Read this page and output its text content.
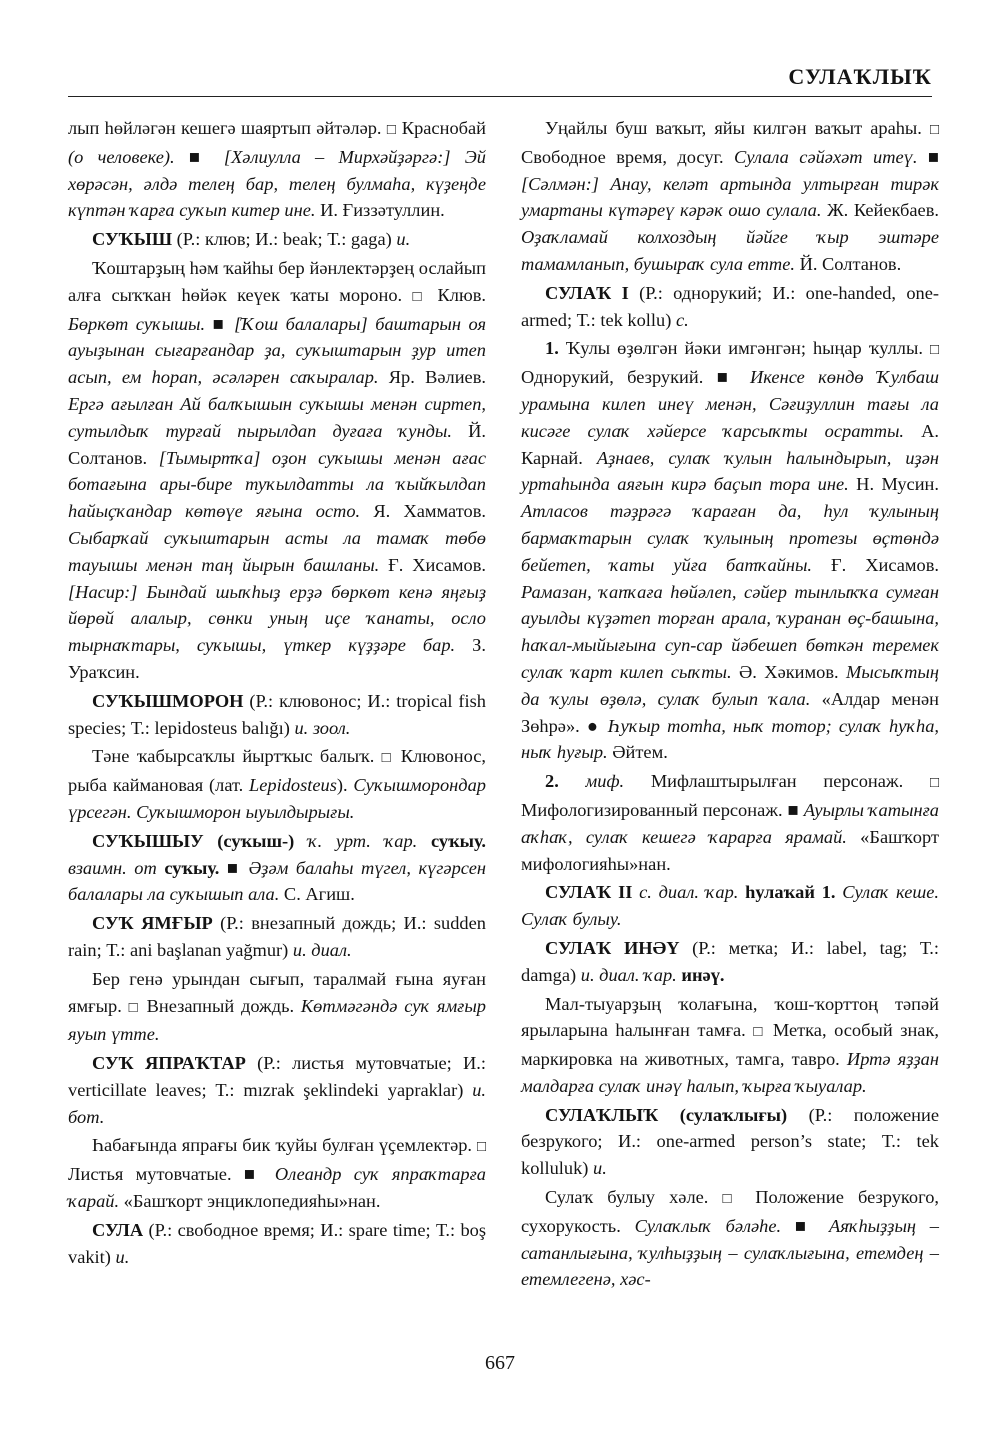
СУЛАҠЛЫҠ

лып һөйләгән кешегә шаяртып әйтәләр. □ Краснобай (о человеке). ■ [Хәлиулла – Мирхәйҙәргә:] Эй хөрәсән, әлдә телең бар, телең булмаһа, күҙеңде күптән ҡарға суҡып китер ине. И. Ғиззәтуллин.

СУҠЫШ (Р.: клюв; И.: beak; Т.: gaga) и.

Ҡоштарҙың һәм ҡайһы бер йәнлектәрҙең ослайып алға сыҡҡан һөйәк кеүек ҡаты мороно. □ Клюв. Бөркөт суҡышы. ■ [Ҡош балалары] баштарын оя ауыҙынан сығарғандар ҙа, суҡыштарын ҙур итеп асып, ем һорап, әсәләрен саҡыралар. Яр. Вәлиев. Ергә ағылған Ай балҡышын суҡышы менән сиртеп, сутылдыҡ турғай пырылдап дуғаға ҡунды. Й. Солтанов. [Тымыртҡа] оҙон суҡышы менән ағас ботағына ары-бире туҡылдатты ла ҡыйҡылдап һайыҫҡандар көтөүе яғына осто. Я. Хамматов. Сыбарҡай суҡыштарын асты ла тамаҡ төбө тауышы менән таң йырын башланы. Ғ. Хисамов. [Насир:] Бындай шыҡһыҙ ерҙә бөркөт кенә яңғыҙ йөрөй алалыр, сөнки уның иҫе ҡанаты, осло тырнаҡтары, суҡышы, үткер күҙҙәре бар. З. Ураҡсин.

СУҠЫШМОРОН (Р.: клювонос; И.: tropical fish species; Т.: lepidosteus balığı) и. зоол.

Тәне ҡабырсаҡлы йыртҡыс балыҡ. □ Клювонос, рыба каймановая (лат. Lepidosteus). Суҡышморондар үрсегән. Суҡышморон ыуылдырығы.

СУҠЫШЫУ (суҡыш-) ҡ. урт. ҡар. суҡыу. взаимн. от суҡыу. ■ Әҙәм балаһы түгел, күгәрсен балалары ла суҡышып ала. С. Агиш.

СУҠ ЯМҒЫР (Р.: внезапный дождь; И.: sudden rain; Т.: ani başlanan yağmur) и. диал.

Бер генә урындан сығып, таралмай ғына яуған ямғыр. □ Внезапный дождь. Көтмәгәндә суҡ ямғыр яуып үтте.

СУҠ ЯПРАҠТАР (Р.: листья мутовчатые; И.: verticillate leaves; Т.: mızrak şeklindeki yapraklar) и. бот.

Һабағында япрағы бик ҡуйы булған үҫемлектәр. □ Листья мутовчатые. ■ Олеандр суҡ япраҡтарға ҡарай. «Башҡорт энциклопедияһы»нан.

СУЛА (Р.: свободное время; И.: spare time; Т.: boş vakit) и.

Уңайлы буш ваҡыт, яйы килгән ваҡыт араһы. □ Свободное время, досуг. Сулала сәйәхәт итеү. ■ [Сәлмән:] Анау, келәт артында ултырған тирәк умартаны күтәреү кәрәк ошо сулала. Ж. Кейекбаев. Оҙаҡламай колхоздың йәйге ҡыр эштәре тамамланып, бушыраҡ сула етте. Й. Солтанов.

СУЛАҠ I (Р.: однорукий; И.: one-handed, one-armed; Т.: tek kollu) с.

1. Ҡулы өҙөлгән йәки имгәнгән; һыңар ҡуллы. □ Однорукий, безрукий. ■ Икенсе көндө Ҡулбаш урамына килеп инеү менән, Сәғиҙуллин тағы ла кисәге сулаҡ хәйерсе ҡарсыҡты осратты. А. Карнай. Аҙнаев, сулаҡ ҡулын һалындырып, иҙән уртаһында аяғын кирә баҫып тора ине. Н. Мусин. Атласов тәҙрәгә ҡараған да, һул ҡулының бармаҡтарын сулаҡ ҡулының протезы өҫтөндә бейетеп, ҡаты уйға батҡайны. Ғ. Хисамов. Рамазан, ҡапҡаға һөйәлеп, сәйер тынлыҡҡа сумған ауылды күҙәтеп торған арала, ҡуранан өҫ-башына, һаҡал-мыйығына суп-сар йәбешеп бөткән теремек сулаҡ ҡарт килеп сыҡты. Ә. Хәкимов. Мысыҡтың да ҡулы өҙөлә, сулаҡ булып ҡала. «Алдар менән Зөһрә». ● Һуҡыр тотһа, ныҡ тотор; сулаҡ һуҡһа, ныҡ һуғыр. Әйтем.

2. миф. Мифлаштырылған персонаж. □ Мифологизированный персонаж. ■ Ауырлы ҡатынға аҡһаҡ, сулаҡ кешегә ҡарарға ярамай. «Башҡорт мифологияһы»нан.

СУЛАҠ II с. диал. ҡар. һулаҡай 1. Сулаҡ кеше. Сулаҡ булыу.

СУЛАҠ ИНӘҮ (Р.: метка; И.: label, tag; Т.: damga) и. диал. ҡар. инәү.

Мал-тыуарҙың ҡолағына, ҡош-ҡорттоң тәпәй ярыларына һалынған тамға. □ Метка, особый знак, маркировка на животных, тамга, тавро. Иртә яҙҙан малдарға сулаҡ инәү һалып, ҡырға ҡыуалар.

СУЛАҠЛЫҠ (сулаҡлығы) (Р.: положение безрукого; И.: one-armed person’s state; Т.: tek kolluluk) и.

Сулаҡ булыу хәле. □ Положение безрукого, сухорукость. Сулаҡлыҡ бәләһе. ■ Аяҡһыҙҙың – сатанлығына, ҡулһыҙҙың – сулаҡлығына, етемдең – етемлегенә, хәс-

667
